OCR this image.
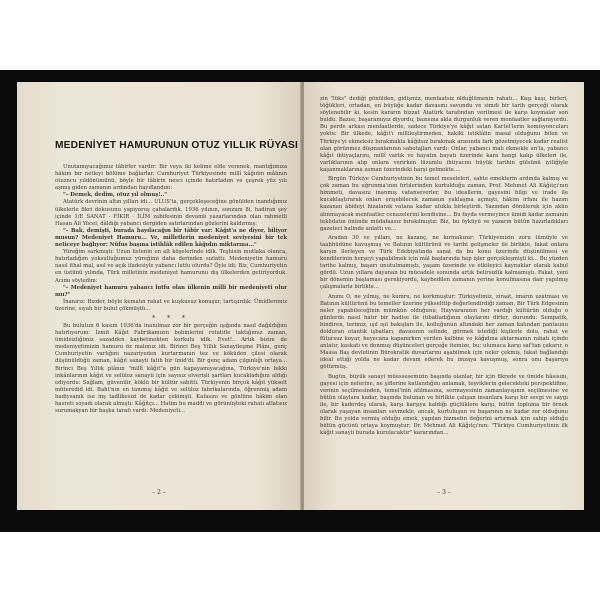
MEDENİYET HAMURUNUN OTUZ YILLIK RÜYASI

Unutamıyacağımız tâbirler vardır: Bir veya iki kelime elde verenek, mantığımıza hâkim bir netleyi bölüme bağlarlar. Cumhuriyet Türkiyesinde millî kâğıdın mâlının otuzncu yıldönümünü, böyle bir tâbirin nesci içinde hatırladım ve çeşrek yüz yılı aşmış giden zamanın ardından hayıflandım:

"– Demek, dedim, otuz yıl olmuş!.."

Atatürk devrinin altın yılları idi... ULUS'ta, gerçekleşeceğine gönülden inandığımız ülkelerle fikri dokusunu yapıyoruş çabalardık. 1936 yılının, sonzum 8i, hadiran şey içinde 1/E SANAT · FİKİR · İLİM zabifesinin devamlı yazarlarından olan rahmetli Hasan Âli Yücel, dâldığı yabancı dergiden satırlarından gözlerini kaldırmış:

"– Bak, demişti, burada bayılacağın bir tâbir var: Kâğıt'a ne diyor, biliyor musun? Medeniyet Hamuru... Ve, milletlerin medeniyet seviyesini bir tek neticeye bağlıyor: Nüfus başına istihlâk edilen kâğıdın miktarına..."

Yüreğim sarkmıştı: Uzun listenin en alt köşelerinde idik. Teşhisin mutlaka olunca, hatırladığım yoksulluğumuz yüreğimi daha derinden sızlattı: Medeniyetin hamuru nasıl ithal mal, asıl ve açık ifadesiyle yabancı lutfu olurdu? Öyle idi: Biz, Cumhuriyetin en üstünü yılında, Türk milletinin medeniyet hamurunu dış ülkelerden getiriyorduk. Acımı söyledim:

"– Medeniyet hamuru yabancı lutfu olan ülkenin millî bir medeniyeti olur mu?"

İnanırız: Bızder, böyle kemalın rahat ve kuşkusuz konuşur, tartışırdık: Ümidlerimiz üzerine, sıyah bir bulut çökmüştü...

* * *

Bu bulutun 6 kasım 1936'da inanılmaz zor bir gerçeğin ışığında nasıl dağıldığını hatırlıyorum: İzmit Kâğıt Fabrikamızın bobinlerini rotatifle taktığımız zaman, ümidsizliğimiz sazadden kaybetmekten korkulu idik. Evet!.. Artık bizim de medeniyetimizin hamuru öz malımız idi. Birinci Beş Yıllık Sanayileşme Plânı, genç Cumhuriyetin varlığını nazariyeden kurtarmanın tez ve köküden çilesi olarak düşünüldüğü zaman, kâğıt sanayii fatih bir ünid'di. Bir genç adam çılgınlığı ortaya... Birinci Beş Yıllık plânın "millî kâğıt"a gün kapayamıyacağına, Türkiye'nin bıkkı inkânlarının kâğıt ve selüloz sanayii için sayısız elverişli şartları kucakladığını aldığı ediyordu: Sağlam, güvenilir, köklü bir kültür sabitti. Türkiyenin birçok kâğıt yükselt müteredid idi. Baht'nın en tanımış kâğıt ve selüloz fabrikalarında, öğrenmiş adam hadiysanık ise inş tadlikesizi de kadar çekimşti. Kafasını ve gönlüne hâkim olan hasreti soyadı olarak almıştı: Kâğıtçı... Hatim bu maddi ve görünüşteki rahatı atlatısız surumakyan bir başka tarafı vardı: Medeniyeti...

– 2 –

zin "lüks" dediği gönülden, gidişmiz, menfaatsiz olduğlümenin rahatı... Kaşı kaşı, birleri, töğükleri, ortadan, en büyüğe kadar davasını savundu ve simdi bir tarih gerçeği olarak söylenebilir ki, kesin kararın bizzat Atatürk tarafından verilmesi ile karşı koymalar son buldu. Bazısı, başaramıyız diyordu, bazısına akla durgunluk veren menfaatler sağlanıyordu. Bu perde arkası menfaatlerde, sadece Türkiye'ye kâğıt satan Kartel'lerin komisyoncuları yoktu: Bir ülkede, kâğıt'ı millileştirmeden, hakiki istiklâlin masal olduğunu bilen ve Türkiye'yi ekmeksiz bırakmakla kâğıtsız bırakmak arasında fark gözetmiyecek kadar realist olan görünmez düşmanlarının sabotajları vardı: Onlar, yabancı malı ekmekle un'la, yabancı kâğıt ihtiyaçlarını, millî varlık ve hayatın hayatı üzerinde kara hangi kalıp ülkeleri ile, varlıklarının alıp onlara verirken lüzumlu ihtiyacını büyük tarihin gülsünü iyiliğiyle kaşanmaklarına zaman üzerindeki harşi gelmekte....

Birgün Türkiye Cumhuriyetinin bu temel meseleleri, sahte emeklerin ardında kalmış ve çok zaman bu uğrunma'ının fırtılerinden kurtulduğu zaman, Prof. Mehmet Ali Kâğıtçı'nın himmeti, davasını inanmış vatanseverler, bu ideallerin, gayesini bilgi ve irade ile kucaklaştırarak onları erişebilecek zamanın yaklaşma açmıştı, hâkim irfanı ile hazım kazanan âbideyi hizalarak vatana kadar ufukla birleştirdi. Yazından dönülerek için aklın alınmayacak menfaatler cenazelerini kendisine... Bu fayda vermeyince ümidi kadar zamanın teklidatın önünde müdafaasız bırakılmıştır. Biz, bu öyküyü ve yazarın bütün hazırladıkları gazeteci halinde anlattı ve...

Aradan 30 ve yılları, ne kazanç, ne kırmakızar: Türkiyemizin zoru tümüyle ve taahhüdüne kavuşmuş ve Batının kültürünü ve tarihi gelişmeler ile birlikte, fakat onlara karşın ilerleyen ve Türk Edebiyatında sanat da bu konu üzerinde düşünülmesi ve kendilerinin herşeyi yapabilmek için mâl başlarında hep işler gerçekleşmişti ki... Bu yüzden tarihe kalmış, başarı unutulmamıştı, yaşam üzerinde ve etkileyici kaynaklar olarak kabul gördü. Uzun yıllara dayanan bu mücadele sonunda artık belirsizlik kalmamıştı. Fakat, yeni bir dönemin başlaması gerekiyordu, kaybedilen zamanın yerine konulmasına dair yapılmış çalışmalarla birlikte...

Anımı O, ne yılmış, ne kumru, ne korkmuştur: Türkiyelimiz, ziraat, imarın uzatması ve Batının kültürünü bu temeller üzerine yükselttip değerlendirdiği zaman, Bir Türk Edgesinin neler yapabileceğinin mümkün olduğunu, Hayvaranının her vardığı kültürün olduğu o günlerde nasıl hatır bir hadise ile itibatladığının olaylarını dirler, durundu: Sempatik, bindiren, terimiz, ışıl ışıl bakışları ile, kolluğunun altındaki her zaman kalından pantaunu dolduran otantik işbatları, davasının selinde, görmek istediği kişilerle dolu, rahat ve fütursuz koyar, heyecana kapanırken verilen kalbine ve kâğıdına aktarmanın rahatı içinde anlatır, kaskatı ve donmuş düşünceleri gerçeğe itemize, bu; ulumaca karşı saf'tan çakarır, o Massa Baş devletinin Bürokratik duvarlarını aşabilmek için neler çekmiş, fakat bağlandığı ideal ettiği yolda ne kadar devam ederek bu imzaya kavuşmuş, sonra onu başarıya götürmüş.

Bugün, büyük sanayi müessesemizin başında olanlar, bir için fikrede ve ümide bâsısını, gayesi için neferine, ne şiflerine katlandığını anlamak, teşviklerin gelecekteki perspektifine, verinin seçilmesinden, temel'inin atılmasına, sermayesinin zamanlayışının seçilmesine ve bütün olaylara kadar, başında bulunan ve birlikte çalışan insanlara karşı bir sevgi ve saygı ile, bir kaderdeş olarak, karşı karşıya kaldığı güçlüklere karşı, bütün topluma bir örnek olarak yaşayan insanları sevmekle, ancak, kurtuluşun ve başarının ne kadar zor olduğunu bilir. Bu yolda vermiş olduğu emek, yapılan hizmetin değerini artırmak için sahip olduğu bütün gücünü ortaya koymuştur; Dr. Mehmet Ali Kâğıtçı'nın: "Türkiye Cumhuriyetinin ilk kâğıt sanayii burada kurulacaktır" kararından...

– 3 –
